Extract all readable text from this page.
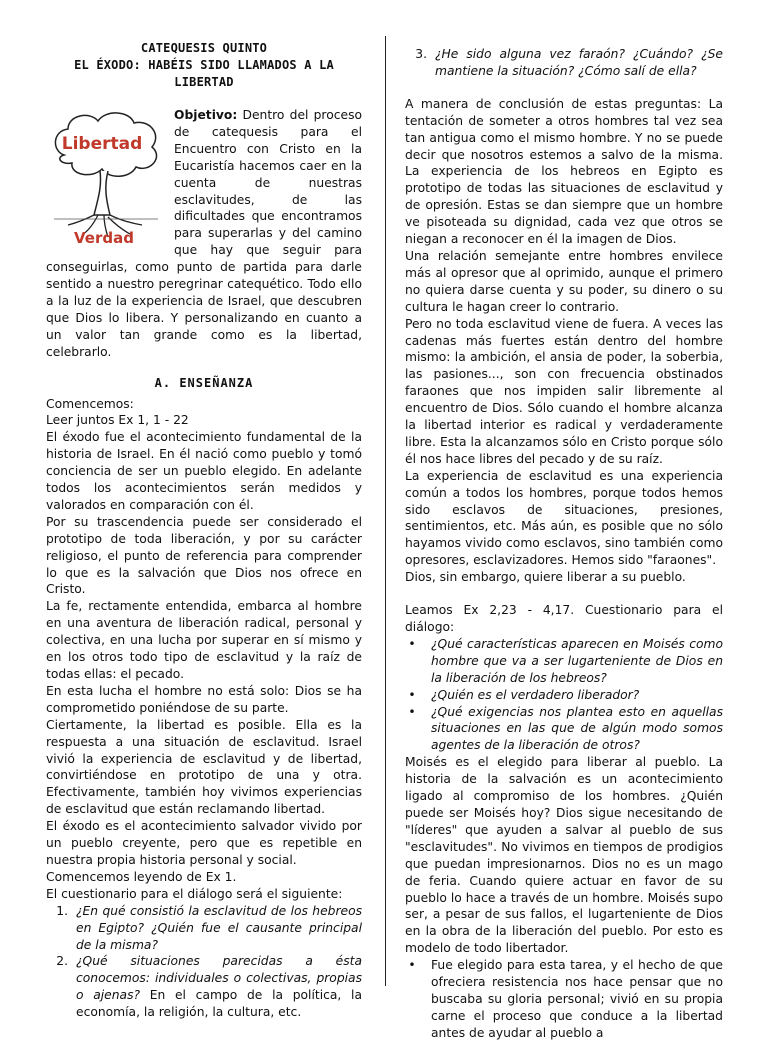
CATEQUESIS QUINTO
EL ÉXODO: HABÉIS SIDO LLAMADOS A LA
LIBERTAD
Libertad
Verdad

Objetivo: Dentro del proceso de catequesis para el Encuentro con Cristo en la Eucaristía hacemos caer en la cuenta de nuestras esclavitudes, de las dificultades que encontramos para superarlas y del camino que hay que seguir para conseguirlas, como punto de partida para darle sentido a nuestro peregrinar catequético. Todo ello a la luz de la experiencia de Israel, que descubren que Dios lo libera. Y personalizando en cuanto a un valor tan grande como es la libertad, celebrarlo.

A. ENSEÑANZA

Comencemos:

Leer juntos Ex 1, 1 - 22

El éxodo fue el acontecimiento fundamental de la historia de Israel. En él nació como pueblo y tomó conciencia de ser un pueblo elegido. En adelante todos los acontecimientos serán medidos y valorados en comparación con él.

Por su trascendencia puede ser considerado el prototipo de toda liberación, y por su carácter religioso, el punto de referencia para comprender lo que es la salvación que Dios nos ofrece en Cristo.

La fe, rectamente entendida, embarca al hombre en una aventura de liberación radical, personal y colectiva, en una lucha por superar en sí mismo y en los otros todo tipo de esclavitud y la raíz de todas ellas: el pecado.

En esta lucha el hombre no está solo: Dios se ha comprometido poniéndose de su parte.

Ciertamente, la libertad es posible. Ella es la respuesta a una situación de esclavitud. Israel vivió la experiencia de esclavitud y de libertad, convirtiéndose en prototipo de una y otra. Efectivamente, también hoy vivimos experiencias de esclavitud que están reclamando libertad.

El éxodo es el acontecimiento salvador vivido por un pueblo creyente, pero que es repetible en nuestra propia historia personal y social.

Comencemos leyendo de Ex 1.

El cuestionario para el diálogo será el siguiente:

1. ¿En qué consistió la esclavitud de los hebreos en Egipto? ¿Quién fue el causante principal de la misma?
2. ¿Qué situaciones parecidas a ésta conocemos: individuales o colectivas, propias o ajenas? En el campo de la política, la economía, la religión, la cultura, etc.
3. ¿He sido alguna vez faraón? ¿Cuándo? ¿Se mantiene la situación? ¿Cómo salí de ella?

A manera de conclusión de estas preguntas: La tentación de someter a otros hombres tal vez sea tan antigua como el mismo hombre. Y no se puede decir que nosotros estemos a salvo de la misma. La experiencia de los hebreos en Egipto es prototipo de todas las situaciones de esclavitud y de opresión. Estas se dan siempre que un hombre ve pisoteada su dignidad, cada vez que otros se niegan a reconocer en él la imagen de Dios.

Una relación semejante entre hombres envilece más al opresor que al oprimido, aunque el primero no quiera darse cuenta y su poder, su dinero o su cultura le hagan creer lo contrario.

Pero no toda esclavitud viene de fuera. A veces las cadenas más fuertes están dentro del hombre mismo: la ambición, el ansia de poder, la soberbia, las pasiones..., son con frecuencia obstinados faraones que nos impiden salir libremente al encuentro de Dios. Sólo cuando el hombre alcanza la libertad interior es radical y verdaderamente libre. Esta la alcanzamos sólo en Cristo porque sólo él nos hace libres del pecado y de su raíz.

La experiencia de esclavitud es una experiencia común a todos los hombres, porque todos hemos sido esclavos de situaciones, presiones, sentimientos, etc. Más aún, es posible que no sólo hayamos vivido como esclavos, sino también como opresores, esclavizadores. Hemos sido "faraones".

Dios, sin embargo, quiere liberar a su pueblo.

Leamos Ex 2,23 - 4,17. Cuestionario para el diálogo:

•	¿Qué características aparecen en Moisés como hombre que va a ser lugarteniente de Dios en la liberación de los hebreos?
•	¿Quién es el verdadero liberador?
•	¿Qué exigencias nos plantea esto en aquellas situaciones en las que de algún modo somos agentes de la liberación de otros?

Moisés es el elegido para liberar al pueblo. La historia de la salvación es un acontecimiento ligado al compromiso de los hombres. ¿Quién puede ser Moisés hoy? Dios sigue necesitando de "líderes" que ayuden a salvar al pueblo de sus "esclavitudes". No vivimos en tiempos de prodigios que puedan impresionarnos. Dios no es un mago de feria. Cuando quiere actuar en favor de su pueblo lo hace a través de un hombre. Moisés supo ser, a pesar de sus fallos, el lugarteniente de Dios en la obra de la liberación del pueblo. Por esto es modelo de todo libertador.

•	Fue elegido para esta tarea, y el hecho de que ofreciera resistencia nos hace pensar que no buscaba su gloria personal; vivió en su propia carne el proceso que conduce a la libertad antes de ayudar al pueblo a
